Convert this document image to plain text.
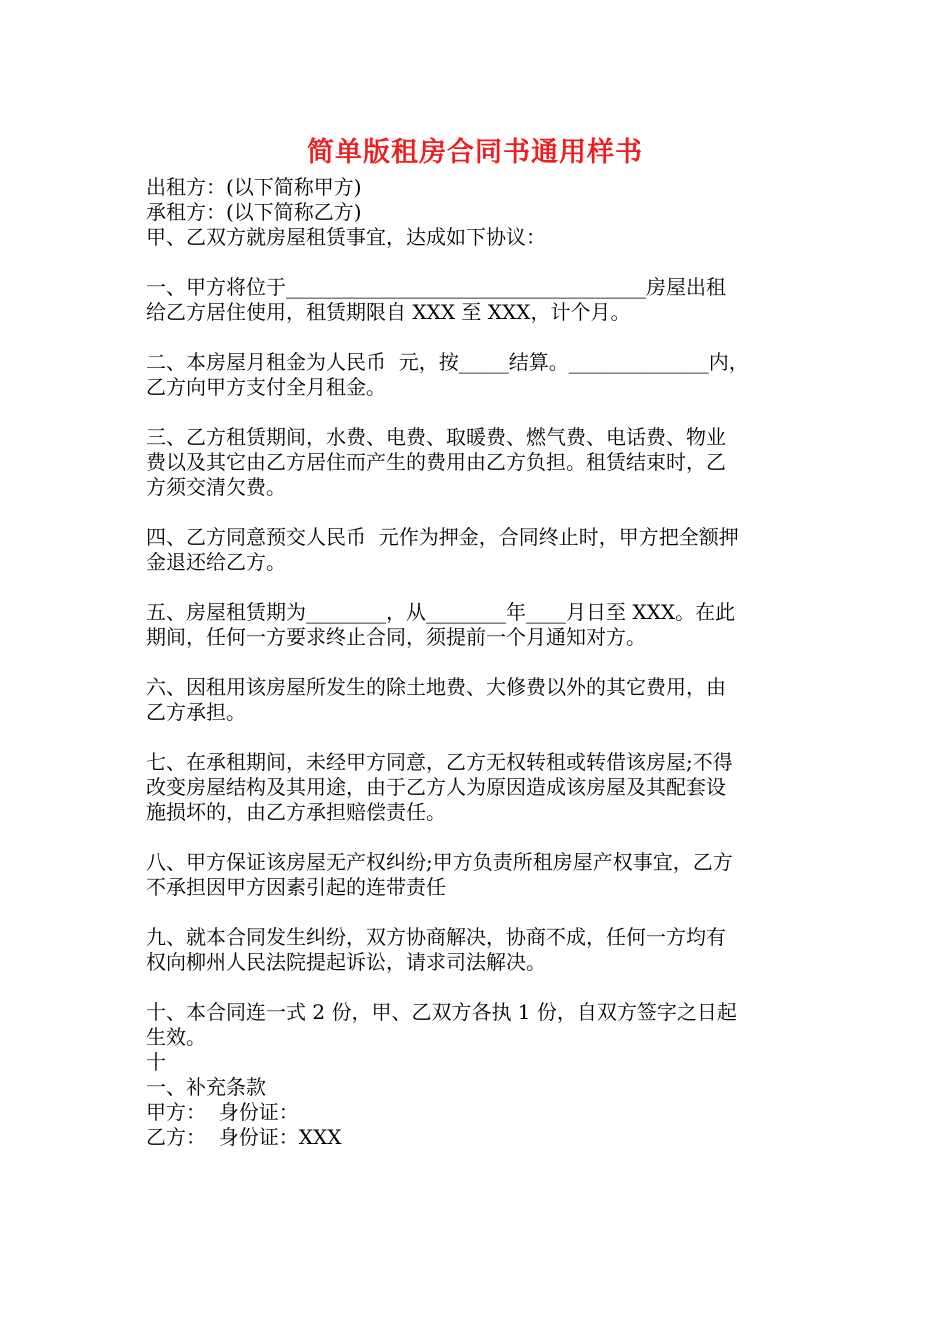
简单版租房合同书通用样书
出租方：(以下简称甲方)
承租方：(以下简称乙方)
甲、乙双方就房屋租赁事宜，达成如下协议：
一、甲方将位于____________________________________房屋出租
给乙方居住使用，租赁期限自 XXX 至 XXX，计个月。
二、本房屋月租金为人民币  元，按_____结算。______________内，
乙方向甲方支付全月租金。
三、乙方租赁期间，水费、电费、取暖费、燃气费、电话费、物业
费以及其它由乙方居住而产生的费用由乙方负担。租赁结束时，乙
方须交清欠费。
四、乙方同意预交人民币  元作为押金，合同终止时，甲方把全额押
金退还给乙方。
五、房屋租赁期为________，从________年____月日至 XXX。在此
期间，任何一方要求终止合同，须提前一个月通知对方。
六、因租用该房屋所发生的除土地费、大修费以外的其它费用，由
乙方承担。
七、在承租期间，未经甲方同意，乙方无权转租或转借该房屋;不得
改变房屋结构及其用途，由于乙方人为原因造成该房屋及其配套设
施损坏的，由乙方承担赔偿责任。
八、甲方保证该房屋无产权纠纷;甲方负责所租房屋产权事宜，乙方
不承担因甲方因素引起的连带责任
九、就本合同发生纠纷，双方协商解决，协商不成，任何一方均有
权向柳州人民法院提起诉讼，请求司法解决。
十、本合同连一式 2 份，甲、乙双方各执 1 份，自双方签字之日起
生效。
十
一、补充条款
甲方：  身份证：
乙方：  身份证：XXX
